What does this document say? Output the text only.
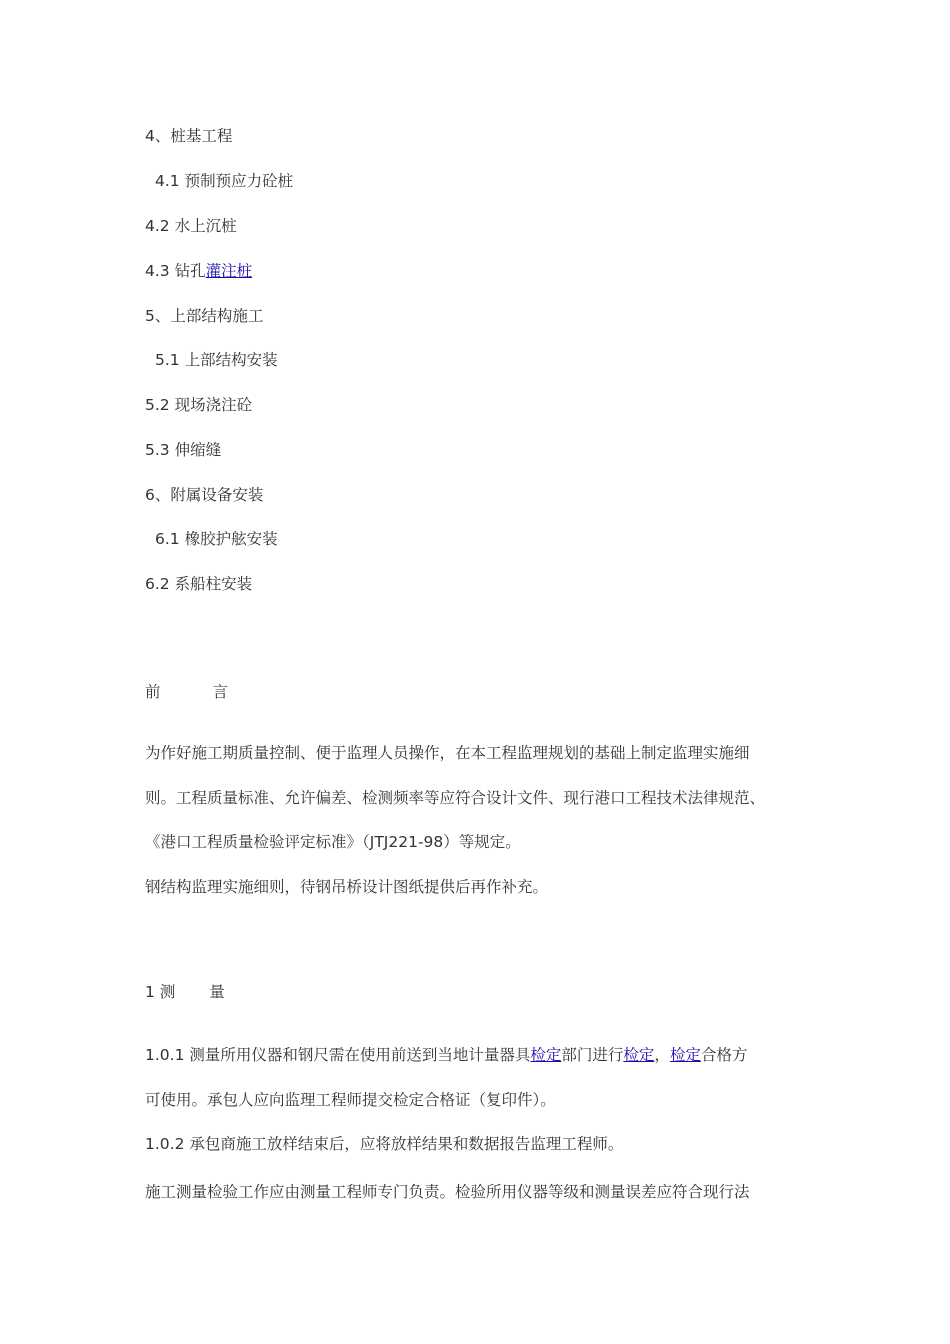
4、桩基工程
4.1 预制预应力砼桩
4.2 水上沉桩
4.3 钻孔灌注桩
5、上部结构施工
5.1 上部结构安装
5.2 现场浇注砼
5.3 伸缩缝
6、附属设备安装
6.1 橡胶护舷安装
6.2 系船柱安装
前	言
为作好施工期质量控制、便于监理人员操作，在本工程监理规划的基础上制定监理实施细
则。工程质量标准、允许偏差、检测频率等应符合设计文件、现行港口工程技术法律规范、
《港口工程质量检验评定标准》（JTJ221-98）等规定。
钢结构监理实施细则，待钢吊桥设计图纸提供后再作补充。
1 测 量
1.0.1 测量所用仪器和钢尺需在使用前送到当地计量器具检定部门进行检定，检定合格方
可使用。承包人应向监理工程师提交检定合格证（复印件）。
1.0.2 承包商施工放样结束后，应将放样结果和数据报告监理工程师。
施工测量检验工作应由测量工程师专门负责。检验所用仪器等级和测量误差应符合现行法
